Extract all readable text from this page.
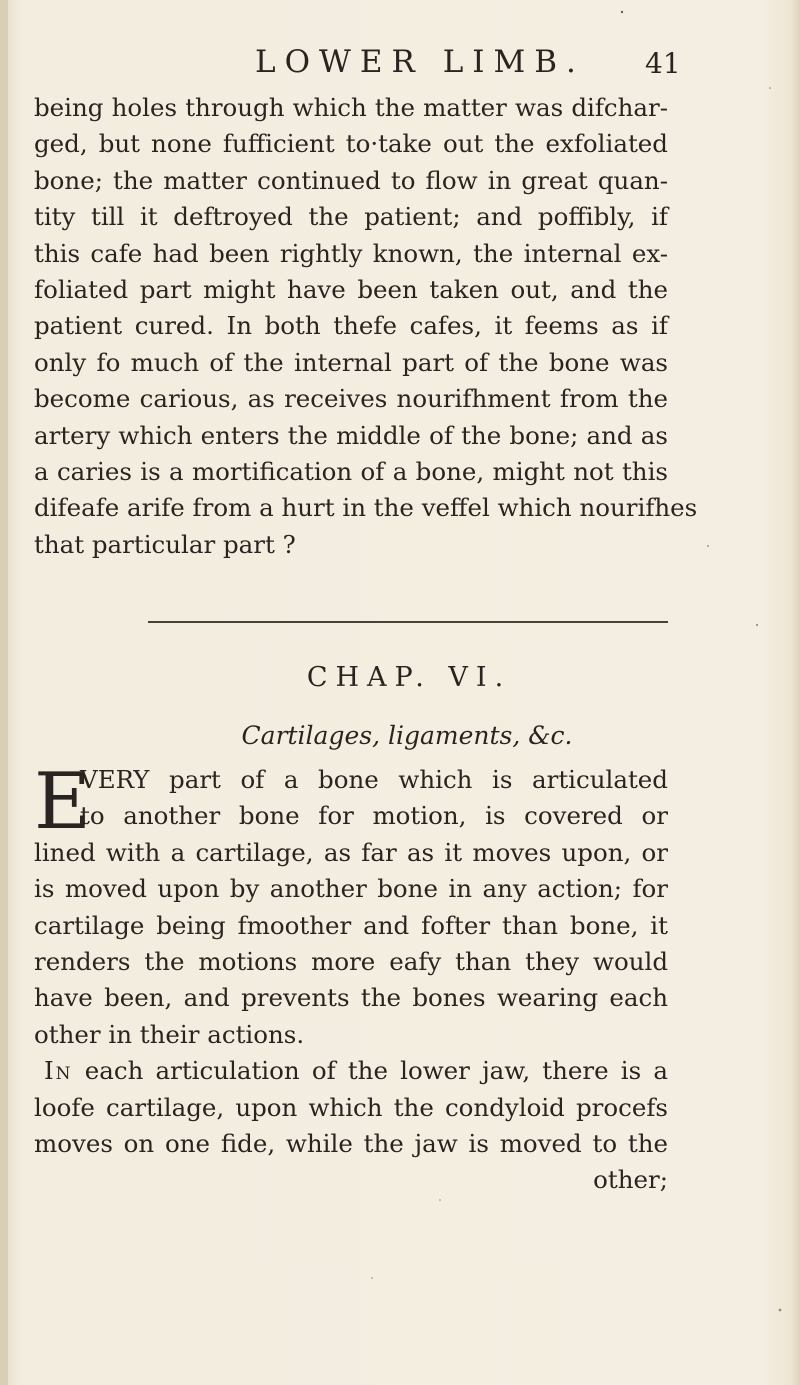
LOWER LIMB. 41
being holes through which the matter was difchar-
ged, but none fufficient to·take out the exfoliated
bone; the matter continued to flow in great quan-
tity till it deftroyed the patient; and poffibly, if
this cafe had been rightly known, the internal ex-
foliated part might have been taken out, and the
patient cured. In both thefe cafes, it feems as if
only fo much of the internal part of the bone was
become carious, as receives nourifhment from the
artery which enters the middle of the bone; and as
a caries is a mortification of a bone, might not this
difeafe arife from a hurt in the veffel which nourifhes
that particular part ?
CHAP. VI.
Cartilages, ligaments, &c.
E
VERY part of a bone which is articulated
to another bone for motion, is covered or
lined with a cartilage, as far as it moves upon, or
is moved upon by another bone in any action; for
cartilage being fmoother and fofter than bone, it
renders the motions more eafy than they would
have been, and prevents the bones wearing each
other in their actions.
In each articulation of the lower jaw, there is a
loofe cartilage, upon which the condyloid procefs
moves on one fide, while the jaw is moved to the
other;
